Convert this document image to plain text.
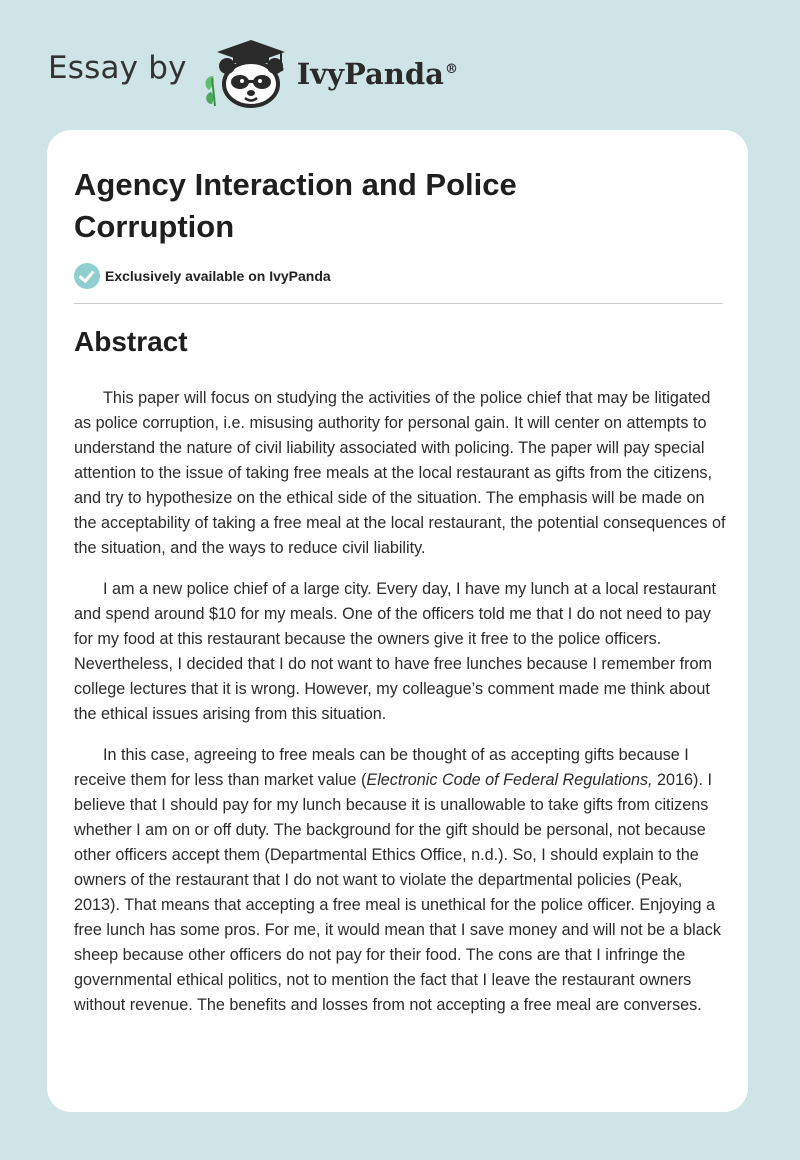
Essay by	IvyPanda®
Agency Interaction and Police Corruption
Exclusively available on IvyPanda
Abstract

This paper will focus on studying the activities of the police chief that may be litigated as police corruption, i.e. misusing authority for personal gain. It will center on attempts to understand the nature of civil liability associated with policing. The paper will pay special attention to the issue of taking free meals at the local restaurant as gifts from the citizens, and try to hypothesize on the ethical side of the situation. The emphasis will be made on the acceptability of taking a free meal at the local restaurant, the potential consequences of the situation, and the ways to reduce civil liability.

I am a new police chief of a large city. Every day, I have my lunch at a local restaurant and spend around $10 for my meals. One of the officers told me that I do not need to pay for my food at this restaurant because the owners give it free to the police officers. Nevertheless, I decided that I do not want to have free lunches because I remember from college lectures that it is wrong. However, my colleague’s comment made me think about the ethical issues arising from this situation.

In this case, agreeing to free meals can be thought of as accepting gifts because I receive them for less than market value (Electronic Code of Federal Regulations, 2016). I believe that I should pay for my lunch because it is unallowable to take gifts from citizens whether I am on or off duty. The background for the gift should be personal, not because other officers accept them (Departmental Ethics Office, n.d.). So, I should explain to the owners of the restaurant that I do not want to violate the departmental policies (Peak, 2013). That means that accepting a free meal is unethical for the police officer. Enjoying a free lunch has some pros. For me, it would mean that I save money and will not be a black sheep because other officers do not pay for their food. The cons are that I infringe the governmental ethical politics, not to mention the fact that I leave the restaurant owners without revenue. The benefits and losses from not accepting a free meal are converses.
